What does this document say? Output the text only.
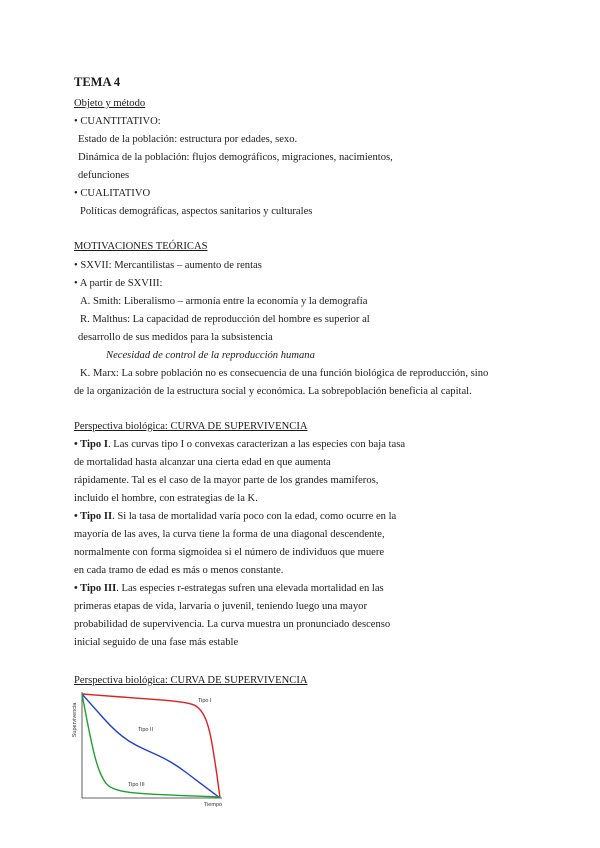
TEMA 4
Objeto y método
• CUANTITATIVO:
Estado de la población: estructura por edades, sexo.
Dinámica de la población: flujos demográficos, migraciones, nacimientos,
defunciones
• CUALITATIVO
Políticas demográficas, aspectos sanitarios y culturales
MOTIVACIONES TEÓRICAS
• SXVII: Mercantilistas – aumento de rentas
• A partir de SXVIII:
A. Smith: Liberalismo – armonía entre la economía y la demografía
R. Malthus: La capacidad de reproducción del hombre es superior al
desarrollo de sus medidos para la subsistencia
Necesidad de control de la reproducción humana
K. Marx: La sobre población no es consecuencia de una función biológica de reproducción, sino
de la organización de la estructura social y económica. La sobrepoblación beneficia al capital.
Perspectiva biológica: CURVA DE SUPERVIVENCIA
• Tipo I. Las curvas tipo I o convexas caracterizan a las especies con baja tasa
de mortalidad hasta alcanzar una cierta edad en que aumenta
rápidamente. Tal es el caso de la mayor parte de los grandes mamíferos,
incluido el hombre, con estrategias de la K.
• Tipo II. Si la tasa de mortalidad varía poco con la edad, como ocurre en la
mayoría de las aves, la curva tiene la forma de una diagonal descendente,
normalmente con forma sigmoidea si el número de individuos que muere
en cada tramo de edad es más o menos constante.
• Tipo III. Las especies r-estrategas sufren una elevada mortalidad en las
primeras etapas de vida, larvaria o juvenil, teniendo luego una mayor
probabilidad de supervivencia. La curva muestra un pronunciado descenso
inicial seguido de una fase más estable
Perspectiva biológica: CURVA DE SUPERVIVENCIA
Supervivencia
Tiempo
Tipo I
Tipo II
Tipo III
